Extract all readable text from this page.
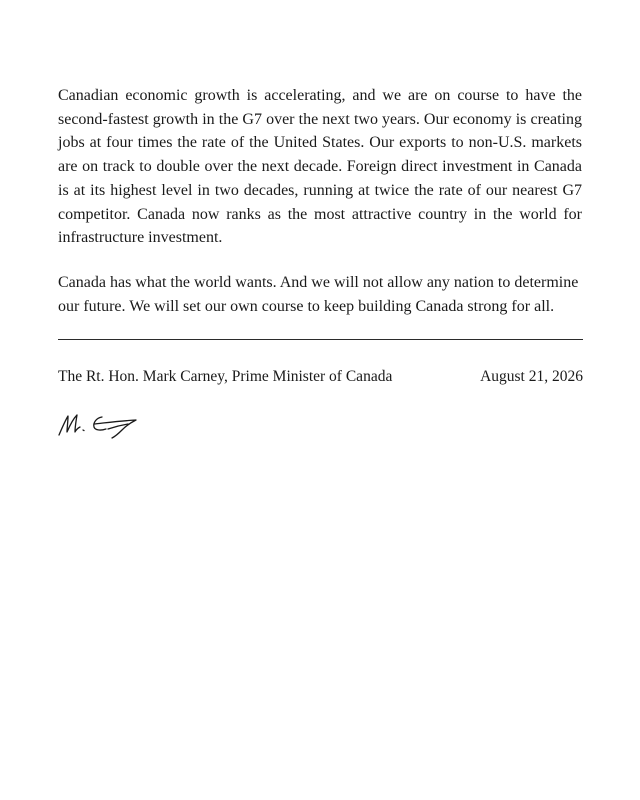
Canadian economic growth is accelerating, and we are on course to have the second-fastest growth in the G7 over the next two years. Our economy is creating jobs at four times the rate of the United States. Our exports to non-U.S. markets are on track to double over the next decade. Foreign direct investment in Canada is at its highest level in two decades, running at twice the rate of our nearest G7 competitor. Canada now ranks as the most attractive country in the world for infrastructure investment.

Canada has what the world wants. And we will not allow any nation to determine our future. We will set our own course to keep building Canada strong for all.

The Rt. Hon. Mark Carney, Prime Minister of Canada	August 21, 2026
